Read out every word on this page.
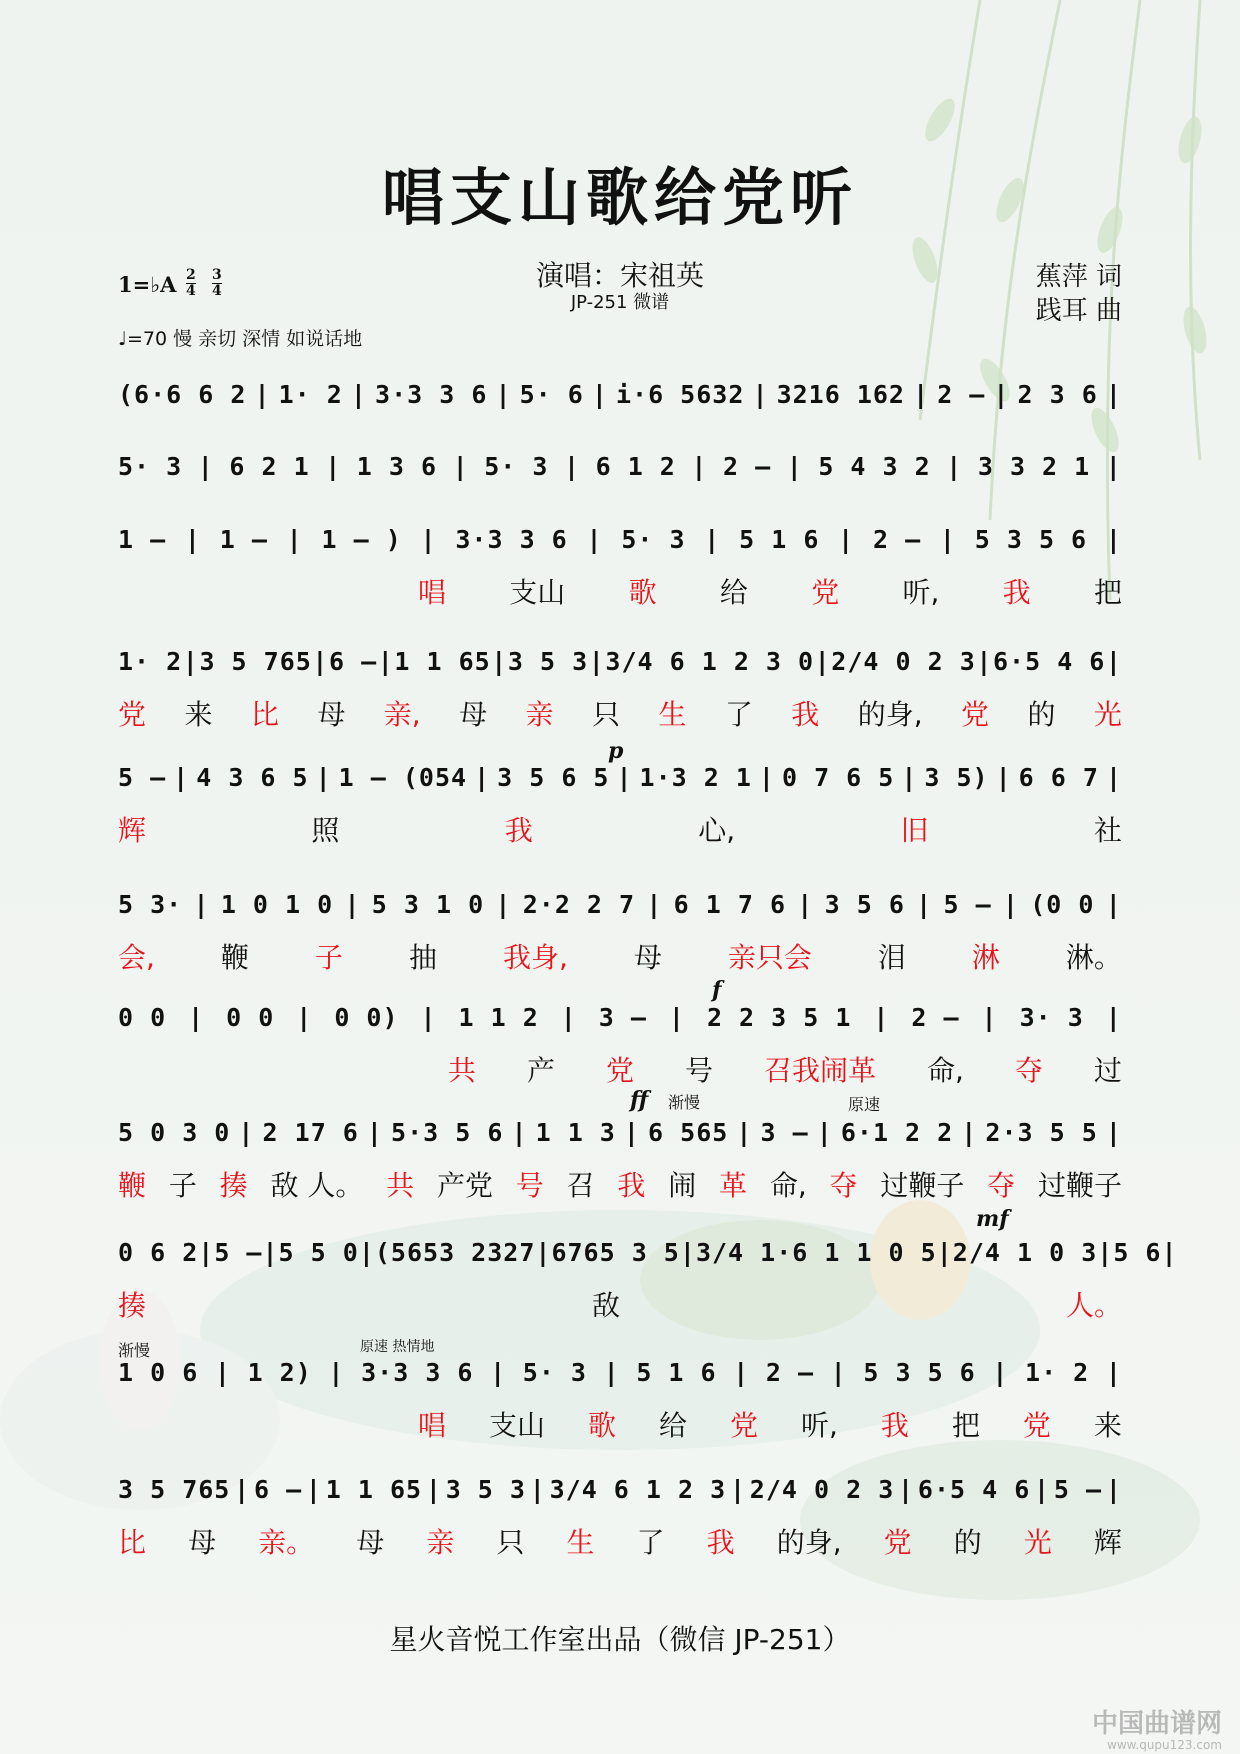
唱支山歌给党听
演唱：宋祖英
JP-251 微谱
1=♭A 2
4
3
4
♩=70 慢 亲切 深情 如说话地
蕉萍 词
践耳 曲
(6·6 6 2 | 1· 2 | 3·3 3 6 | 5· 6 | i·6 5632 | 3216 162 | 2 – | 2 3 6 |
5· 3 | 6 2 1 | 1 3 6 | 5· 3 | 6 1 2 | 2 – | 5 4 3 2 | 3 3 2 1 |
1 – | 1 – | 1 – ) | 3·3 3 6 | 5· 3 | 5 1 6 | 2 – | 5 3 5 6 |
唱 支山 歌 给 党 听, 我 把
1· 2 | 3 5 765 | 6 – | 1 1 65 | 3 5 3 | 3/4 6 1 2 3 0 | 2/4 0 2 3 | 6·5 4 6 |
党 来 比 母 亲, 母 亲 只 生 了 我 的身, 党 的 光
5 – | 4 3 6 5 | 1 – (054 | 3 5 6 5 | 1·3 2 1 | 0 7 6 5 | 3 5) | 6 6 7 |
辉	照	我	心,	旧	社
5 3· | 1 0 1 0 | 5 3 1 0 | 2·2 2 7 | 6 1 7 6 | 3 5 6 | 5 – | (0 0 |
会, 鞭 子 抽 我身, 母 亲只会 泪 淋 淋。
0 0 | 0 0 | 0 0) | 1 1 2 | 3 – | 2 2 3 5 1 | 2 – | 3· 3 |
共 产 党 号 召我闹革 命, 夺 过
5 0 3 0 | 2 17 6 | 5·3 5 6 | 1 1 3 | 6 565 | 3 – | 6·1 2 2 | 2·3 5 5 |
鞭 子 揍 敌 人。 共 产党 号 召 我 闹 革 命, 夺 过鞭子 夺 过鞭子
0 6 2 | 5 – | 5 5 0 | (5653 2327 | 6765 3 5 | 3/4 1·6 1 1 0 5 | 2/4 1 0 3 | 5 6 |
揍	敌	人。
1 0 6 | 1 2) | 3·3 3 6 | 5· 3 | 5 1 6 | 2 – | 5 3 5 6 | 1· 2 |
唱 支山 歌 给 党 听, 我 把 党 来
3 5 765 | 6 – | 1 1 65 | 3 5 3 | 3/4 6 1 2 3 | 2/4 0 2 3 | 6·5 4 6 | 5 – |
比 母 亲。 母 亲 只 生 了 我 的身, 党 的 光 辉
p
f
ff 渐慢	原速
mf
渐慢	原速 热情地
星火音悦工作室出品（微信 JP-251）
中国曲谱网
www.qupu123.com
